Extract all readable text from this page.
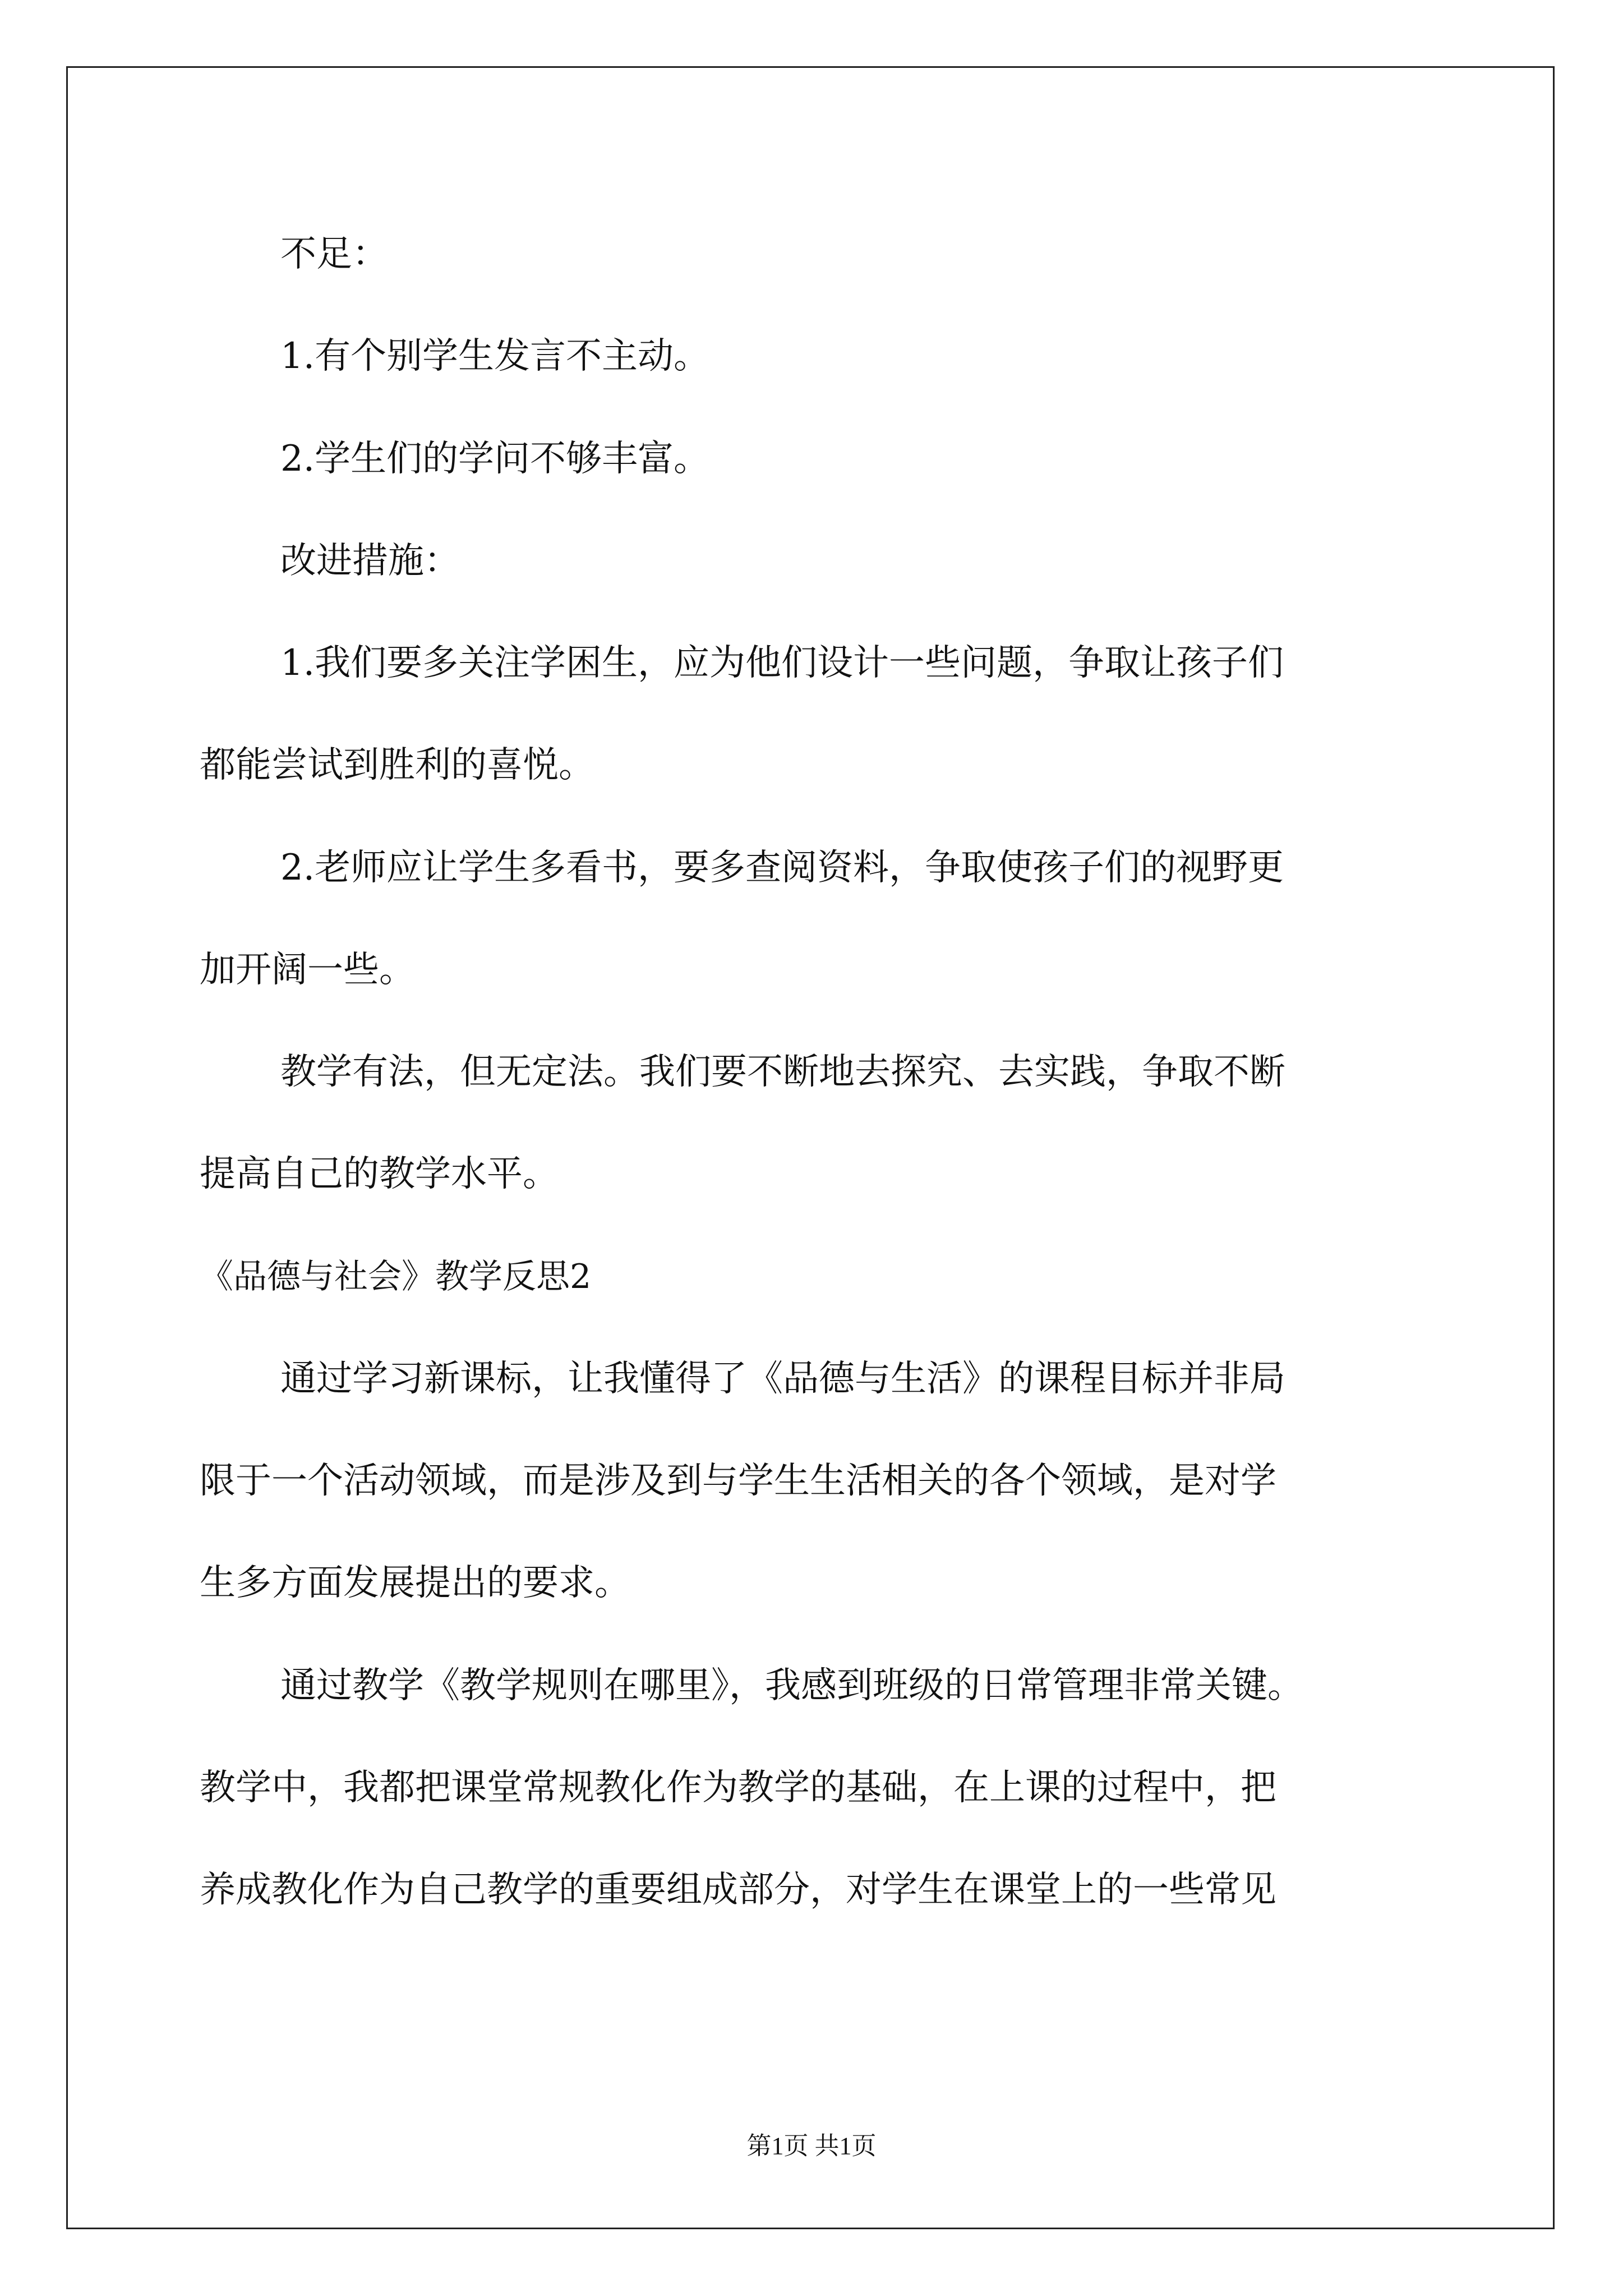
不足：
1.有个别学生发言不主动。
2.学生们的学问不够丰富。
改进措施：
1.我们要多关注学困生，应为他们设计一些问题，争取让孩子们
都能尝试到胜利的喜悦。
2.老师应让学生多看书，要多查阅资料，争取使孩子们的视野更
加开阔一些。
教学有法，但无定法。我们要不断地去探究、去实践，争取不断
提高自己的教学水平。
《品德与社会》教学反思2
通过学习新课标，让我懂得了《品德与生活》的课程目标并非局
限于一个活动领域，而是涉及到与学生生活相关的各个领域，是对学
生多方面发展提出的要求。
通过教学《教学规则在哪里》，我感到班级的日常管理非常关键。
教学中，我都把课堂常规教化作为教学的基础，在上课的过程中，把
养成教化作为自己教学的重要组成部分，对学生在课堂上的一些常见
第1页 共1页
